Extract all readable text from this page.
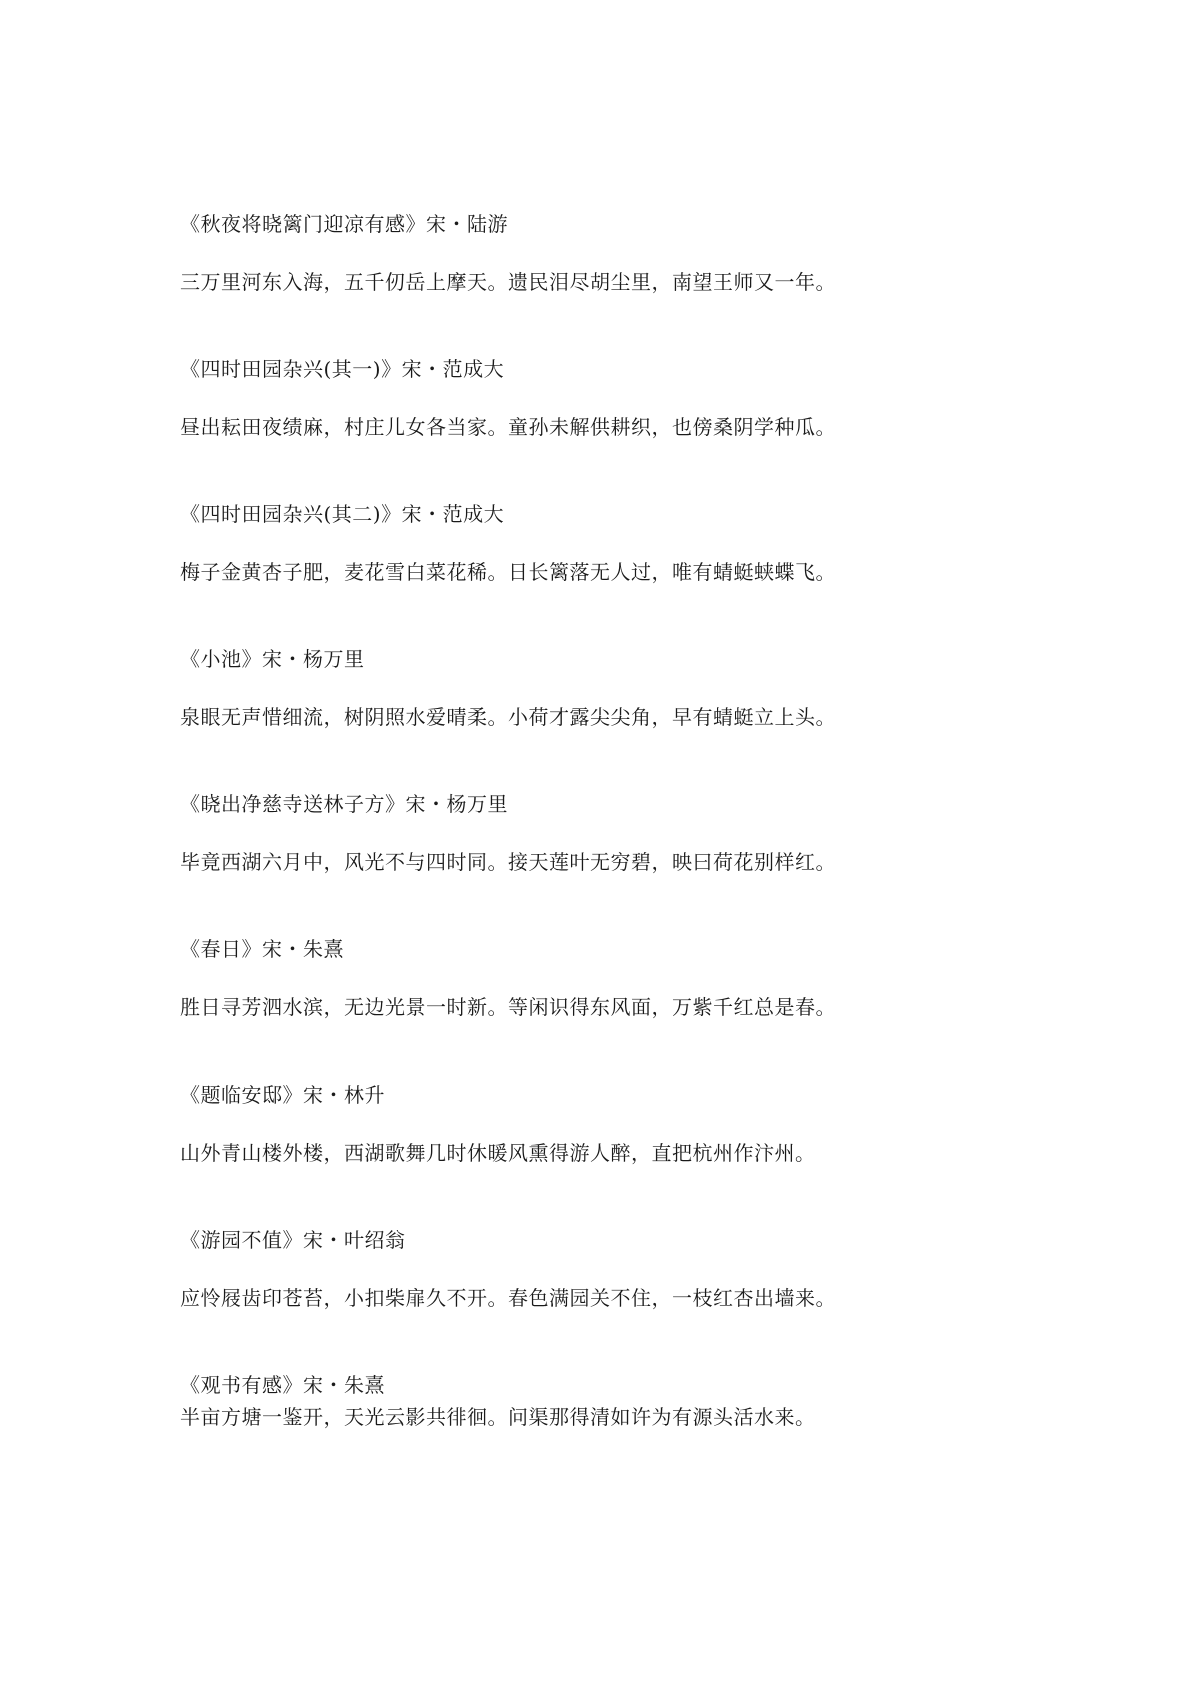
《秋夜将晓篱门迎凉有感》宋・陆游
三万里河东入海，五千仞岳上摩天。遗民泪尽胡尘里，南望王师又一年。
《四时田园杂兴(其一)》宋・范成大
昼出耘田夜绩麻，村庄儿女各当家。童孙未解供耕织，也傍桑阴学种瓜。
《四时田园杂兴(其二)》宋・范成大
梅子金黄杏子肥，麦花雪白菜花稀。日长篱落无人过，唯有蜻蜓蛱蝶飞。
《小池》宋・杨万里
泉眼无声惜细流，树阴照水爱晴柔。小荷才露尖尖角，早有蜻蜓立上头。
《晓出净慈寺送林子方》宋・杨万里
毕竟西湖六月中，风光不与四时同。接天莲叶无穷碧，映曰荷花别样红。
《春日》宋・朱熹
胜日寻芳泗水滨，无边光景一时新。等闲识得东风面，万紫千红总是春。
《题临安邸》宋・林升
山外青山楼外楼，西湖歌舞几时休暖风熏得游人醉，直把杭州作汴州。
《游园不值》宋・叶绍翁
应怜屐齿印苍苔，小扣柴扉久不开。春色满园关不住，一枝红杏出墙来。
《观书有感》宋・朱熹
半亩方塘一鉴开，天光云影共徘徊。问渠那得清如许为有源头活水来。
